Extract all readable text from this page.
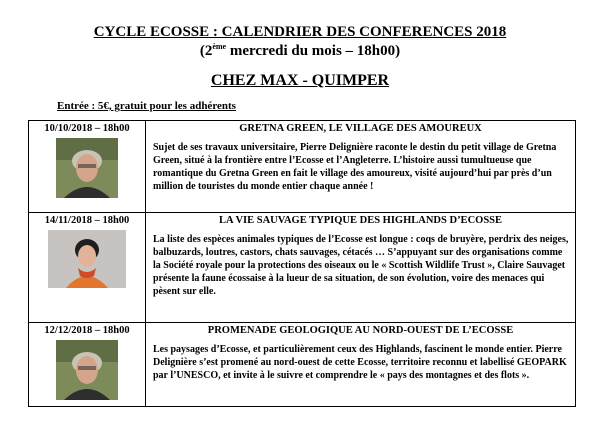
CYCLE ECOSSE : CALENDRIER DES CONFERENCES 2018
(2ème mercredi du mois – 18h00)
CHEZ MAX - QUIMPER
Entrée : 5€, gratuit pour les adhérents
10/10/2018 – 18h00	GRETNA GREEN, LE VILLAGE DES AMOUREUX
Sujet de ses travaux universitaire, Pierre Delignière raconte le destin du petit village de Gretna Green, situé à la frontière entre l’Ecosse et l’Angleterre. L’histoire aussi tumultueuse que romantique du Gretna Green en fait le village des amoureux, visité aujourd’hui par près d’un million de touristes du monde entier chaque année !

14/11/2018 – 18h00	LA VIE SAUVAGE TYPIQUE DES HIGHLANDS D’ECOSSE
La liste des espèces animales typiques de l’Ecosse est longue : coqs de bruyère, perdrix des neiges, balbuzards, loutres, castors, chats sauvages, cétacés … S’appuyant sur des organisations comme la Société royale pour la protections des oiseaux ou le « Scottish Wildlife Trust », Claire Sauvaget présente la faune écossaise à la lueur de sa situation, de son évolution, voire des menaces qui pèsent sur elle.

12/12/2018 – 18h00	PROMENADE GEOLOGIQUE AU NORD-OUEST DE L’ECOSSE
Les paysages d’Ecosse, et particulièrement ceux des Highlands, fascinent le monde entier. Pierre Delignière s’est promené au nord-ouest de cette Ecosse, territoire reconnu et labellisé GEOPARK par l’UNESCO, et invite à le suivre et comprendre le « pays des montagnes et des flots ».
